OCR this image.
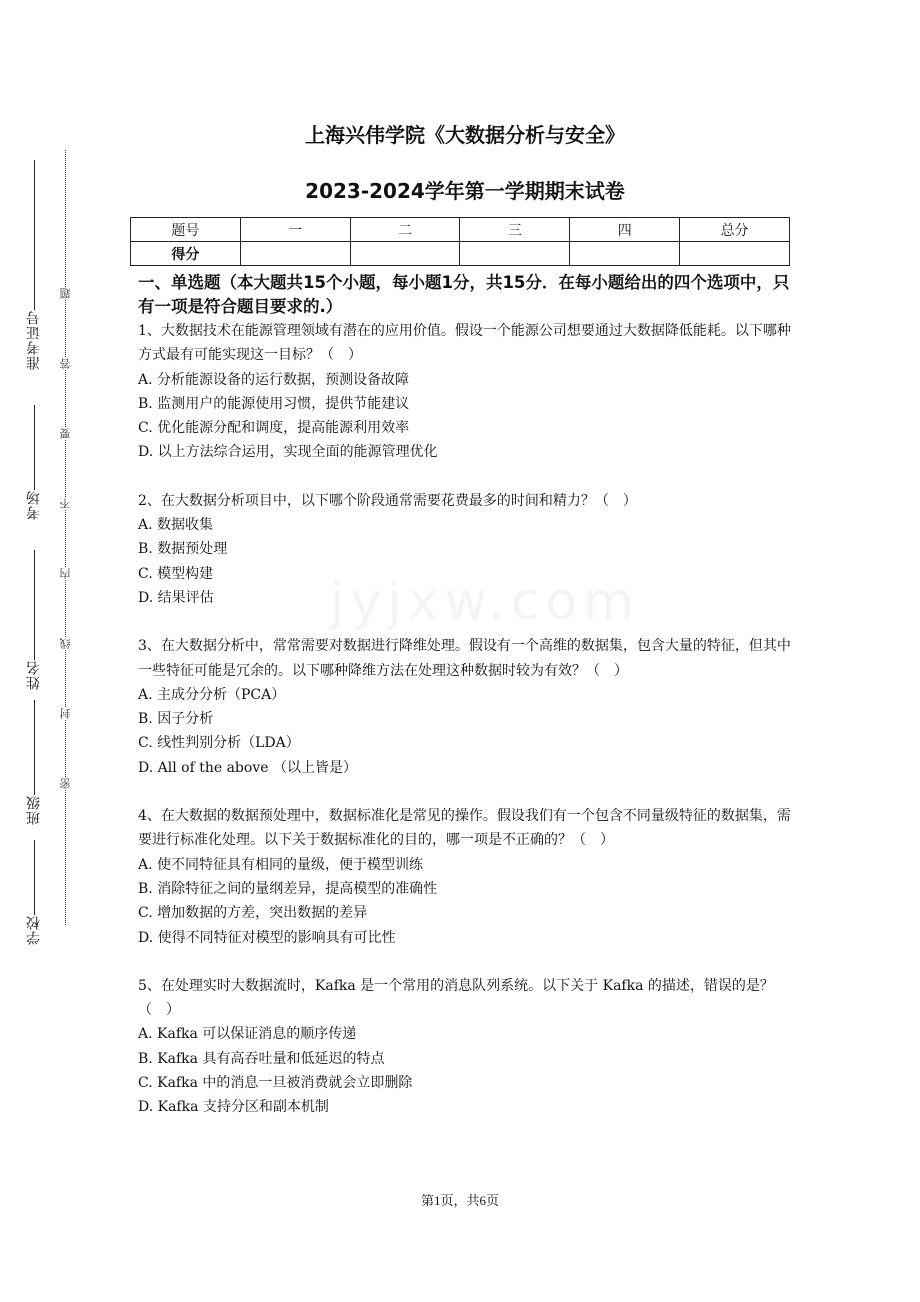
准考证号
考场
姓名
班级
学校
题
答
要
不
内
线
封
密
上海兴伟学院《大数据分析与安全》
2023-2024学年第一学期期末试卷
题号	一	二	三	四	总分
得分					
一、单选题（本大题共15个小题，每小题1分，共15分．在每小题给出的四个选项中，只有一项是符合题目要求的.）

1、大数据技术在能源管理领域有潜在的应用价值。假设一个能源公司想要通过大数据降低能耗。以下哪种方式最有可能实现这一目标？（　）

A. 分析能源设备的运行数据，预测设备故障

B. 监测用户的能源使用习惯，提供节能建议

C. 优化能源分配和调度，提高能源利用效率

D. 以上方法综合运用，实现全面的能源管理优化

2、在大数据分析项目中，以下哪个阶段通常需要花费最多的时间和精力？（　）

A. 数据收集

B. 数据预处理

C. 模型构建

D. 结果评估

3、在大数据分析中，常常需要对数据进行降维处理。假设有一个高维的数据集，包含大量的特征，但其中一些特征可能是冗余的。以下哪种降维方法在处理这种数据时较为有效？（　）

A. 主成分分析（PCA）

B. 因子分析

C. 线性判别分析（LDA）

D. All of the above （以上皆是）

4、在大数据的数据预处理中，数据标准化是常见的操作。假设我们有一个包含不同量级特征的数据集，需要进行标准化处理。以下关于数据标准化的目的，哪一项是不正确的？（　）

A. 使不同特征具有相同的量级，便于模型训练

B. 消除特征之间的量纲差异，提高模型的准确性

C. 增加数据的方差，突出数据的差异

D. 使得不同特征对模型的影响具有可比性

5、在处理实时大数据流时，Kafka 是一个常用的消息队列系统。以下关于 Kafka 的描述，错误的是？（　）

A. Kafka 可以保证消息的顺序传递

B. Kafka 具有高吞吐量和低延迟的特点

C. Kafka 中的消息一旦被消费就会立即删除

D. Kafka 支持分区和副本机制

第1页，共6页
